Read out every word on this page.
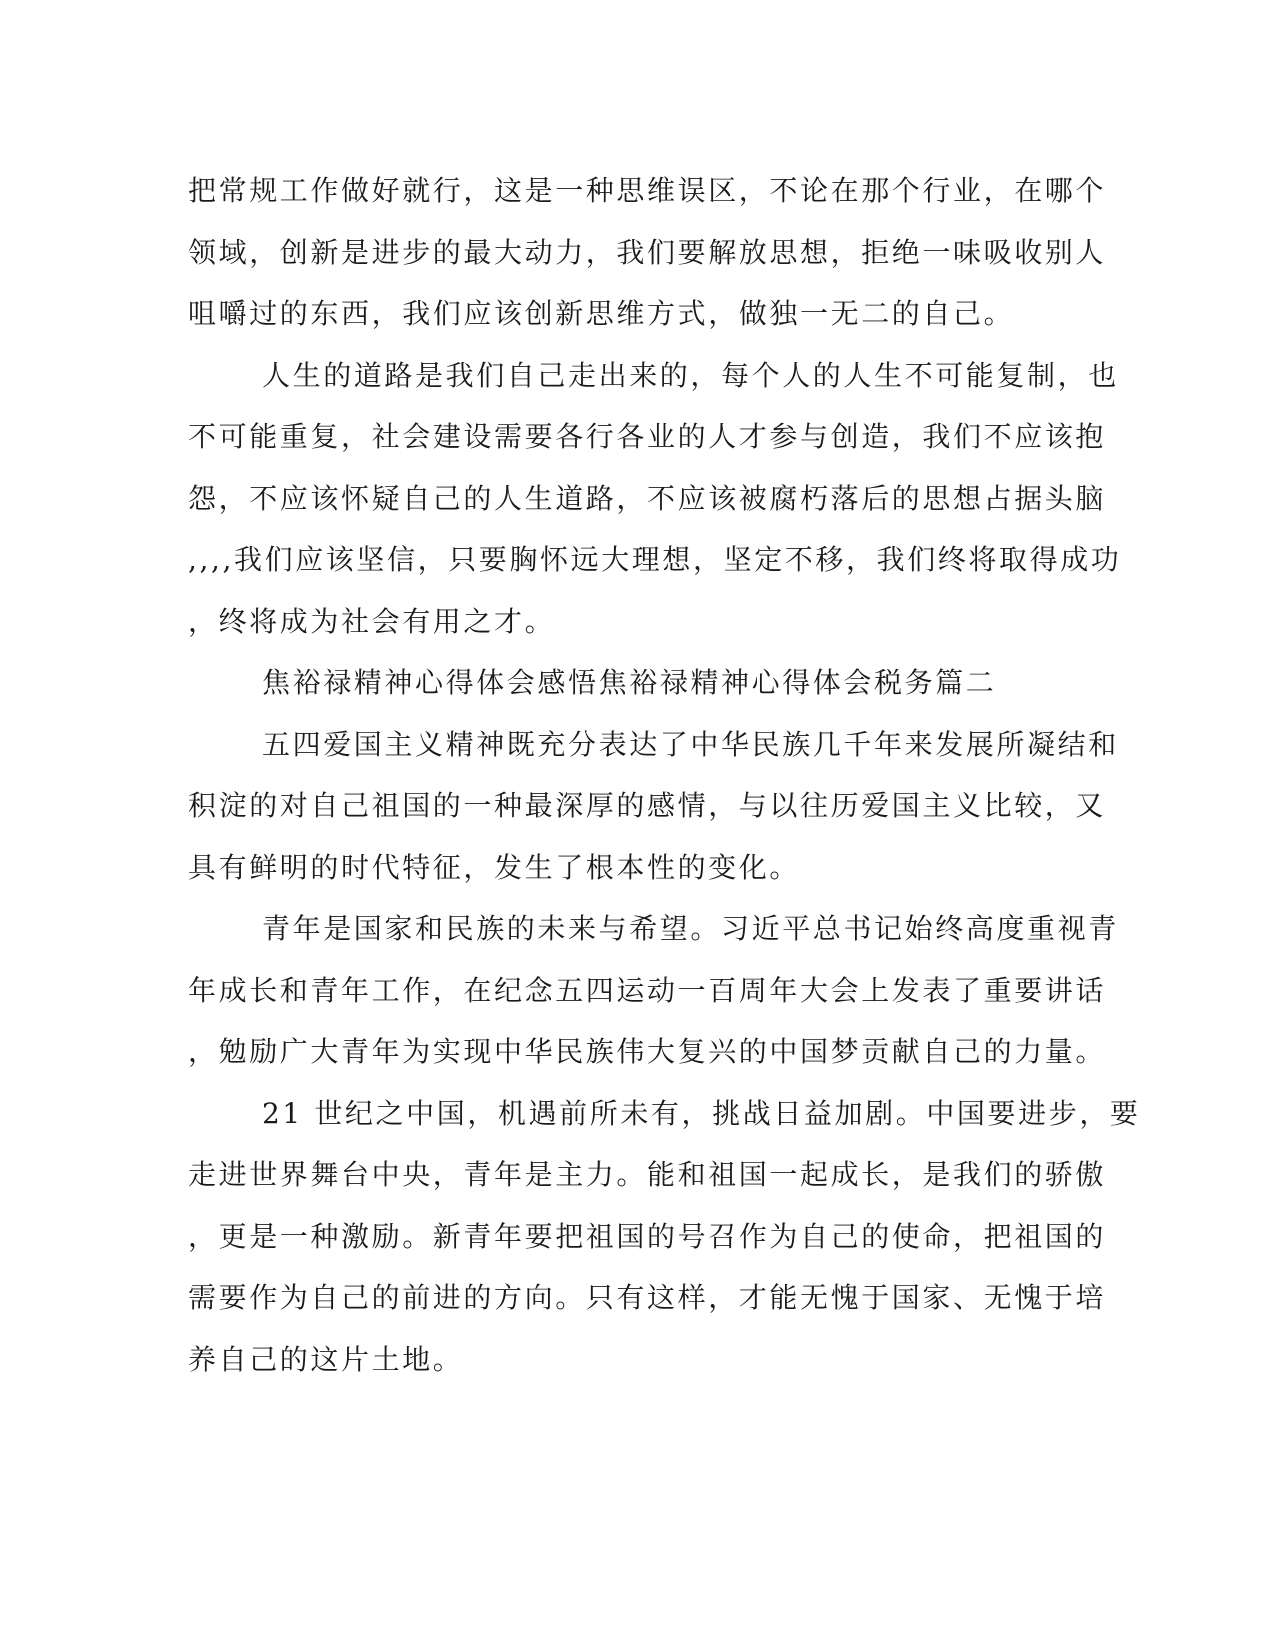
把常规工作做好就行，这是一种思维误区，不论在那个行业，在哪个
领域，创新是进步的最大动力，我们要解放思想，拒绝一味吸收别人
咀嚼过的东西，我们应该创新思维方式，做独一无二的自己。
人生的道路是我们自己走出来的，每个人的人生不可能复制，也
不可能重复，社会建设需要各行各业的人才参与创造，我们不应该抱
怨，不应该怀疑自己的人生道路，不应该被腐朽落后的思想占据头脑
,,,,我们应该坚信，只要胸怀远大理想，坚定不移，我们终将取得成功
，终将成为社会有用之才。
焦裕禄精神心得体会感悟焦裕禄精神心得体会税务篇二
五四爱国主义精神既充分表达了中华民族几千年来发展所凝结和
积淀的对自己祖国的一种最深厚的感情，与以往历爱国主义比较，又
具有鲜明的时代特征，发生了根本性的变化。
青年是国家和民族的未来与希望。习近平总书记始终高度重视青
年成长和青年工作，在纪念五四运动一百周年大会上发表了重要讲话
，勉励广大青年为实现中华民族伟大复兴的中国梦贡献自己的力量。
21 世纪之中国，机遇前所未有，挑战日益加剧。中国要进步，要
走进世界舞台中央，青年是主力。能和祖国一起成长，是我们的骄傲
，更是一种激励。新青年要把祖国的号召作为自己的使命，把祖国的
需要作为自己的前进的方向。只有这样，才能无愧于国家、无愧于培
养自己的这片土地。
